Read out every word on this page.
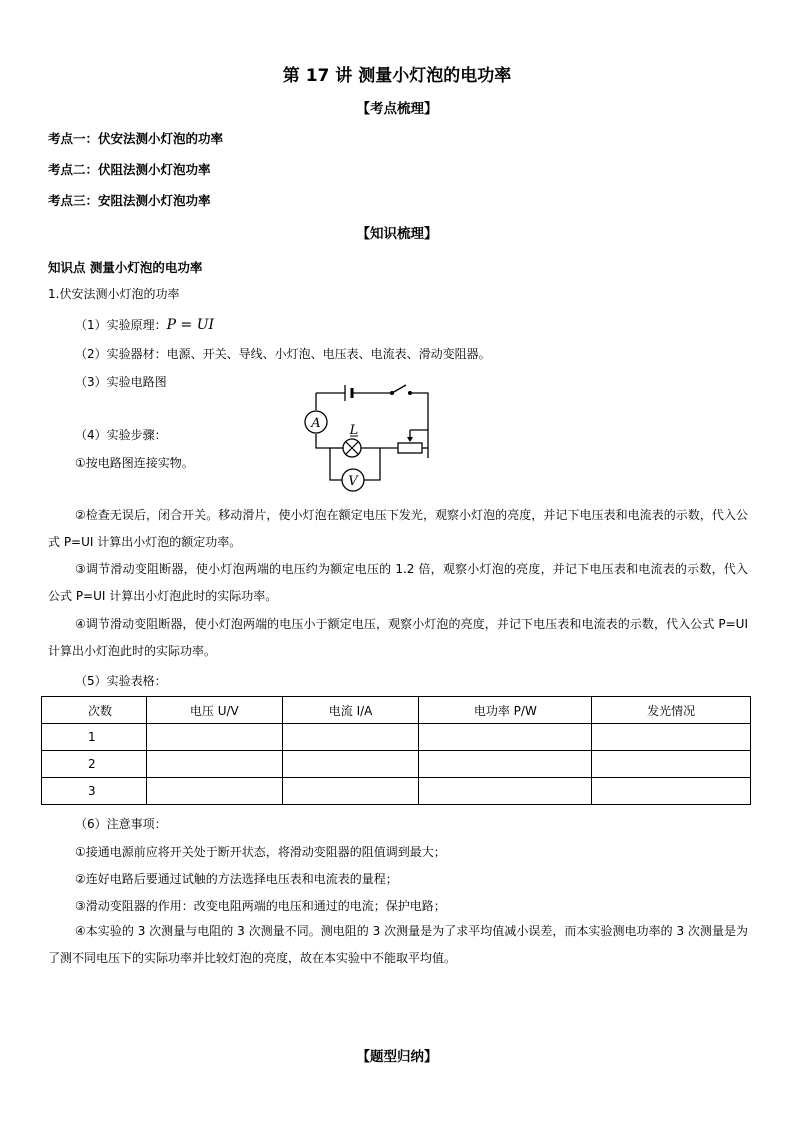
第 17 讲 测量小灯泡的电功率
【考点梳理】
考点一：伏安法测小灯泡的功率
考点二：伏阻法测小灯泡功率
考点三：安阻法测小灯泡功率
【知识梳理】
知识点 测量小灯泡的电功率
1.伏安法测小灯泡的功率
（1）实验原理：P = UI
（2）实验器材：电源、开关、导线、小灯泡、电压表、电流表、滑动变阻器。
（3）实验电路图
（4）实验步骤：
①按电路图连接实物。
A L
V
②检查无误后，闭合开关。移动滑片，使小灯泡在额定电压下发光，观察小灯泡的亮度，并记下电压表和电流表的示数，代入公式 P=UI 计算出小灯泡的额定功率。
③调节滑动变阻断器，使小灯泡两端的电压约为额定电压的 1.2 倍，观察小灯泡的亮度，并记下电压表和电流表的示数，代入公式 P=UI 计算出小灯泡此时的实际功率。
④调节滑动变阻断器，使小灯泡两端的电压小于额定电压，观察小灯泡的亮度，并记下电压表和电流表的示数，代入公式 P=UI 计算出小灯泡此时的实际功率。
（5）实验表格：
次数	电压 U/V	电流 I/A	电功率 P/W	发光情况
1				
2				
3				
（6）注意事项：
①接通电源前应将开关处于断开状态，将滑动变阻器的阻值调到最大；
②连好电路后要通过试触的方法选择电压表和电流表的量程；
③滑动变阻器的作用：改变电阻两端的电压和通过的电流；保护电路；
④本实验的 3 次测量与电阻的 3 次测量不同。测电阻的 3 次测量是为了求平均值减小误差，而本实验测电功率的 3 次测量是为了测不同电压下的实际功率并比较灯泡的亮度，故在本实验中不能取平均值。
【题型归纳】
